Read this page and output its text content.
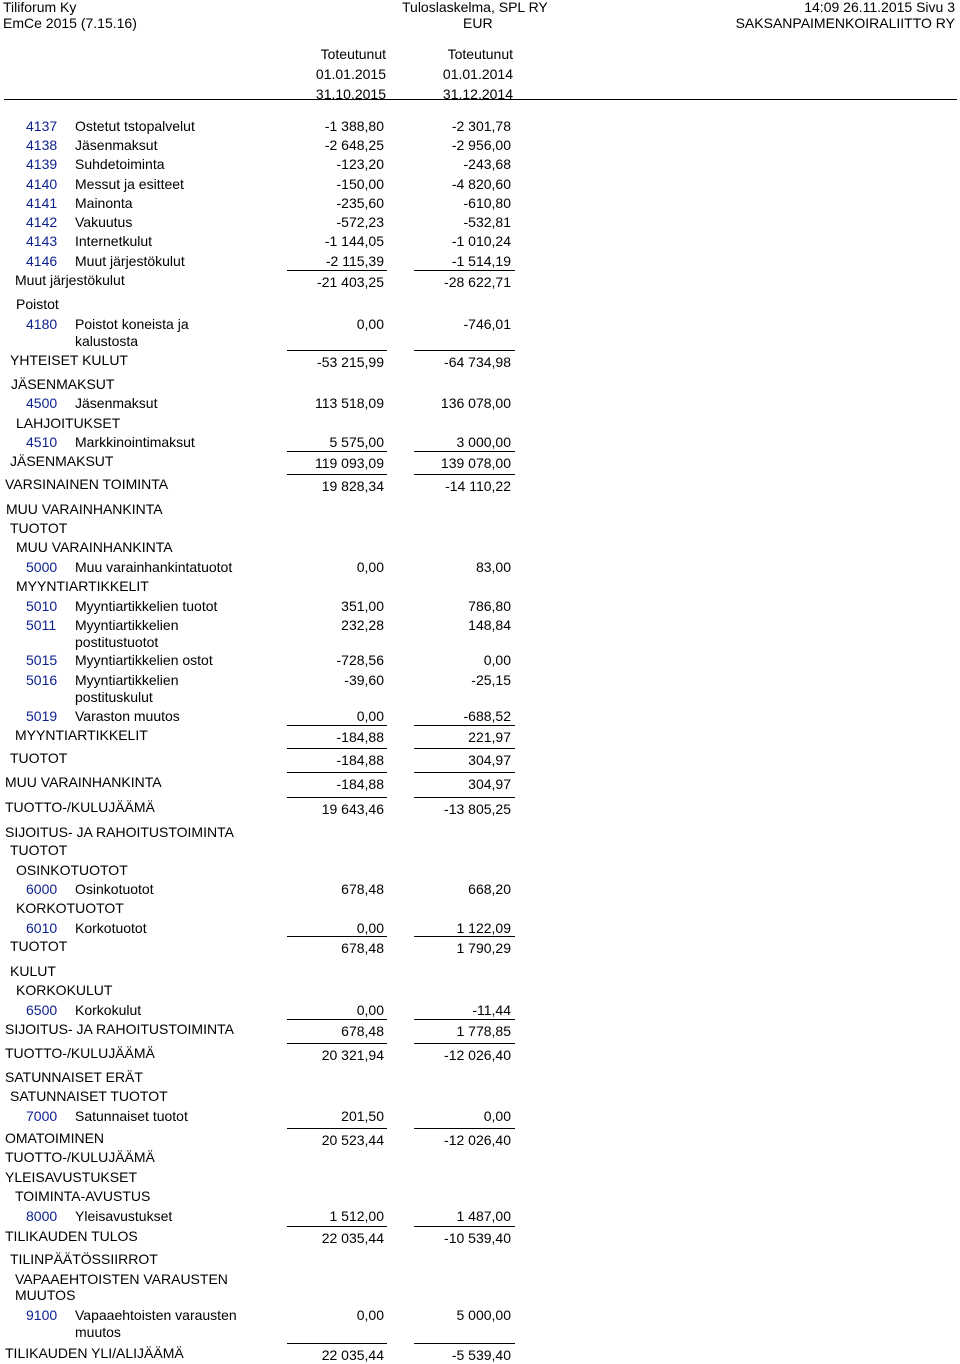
Tiliforum Ky
EmCe 2015 (7.15.16)
Tuloslaskelma, SPL RY
EUR
14:09 26.11.2015 Sivu 3
SAKSANPAIMENKOIRALIITTO RY
Toteutunut
01.01.2015
31.10.2015
Toteutunut
01.01.2014
31.12.2014
4137 Ostetut tstopalvelut	-1 388,80	-2 301,78
4138 Jäsenmaksut	-2 648,25	-2 956,00
4139 Suhdetoiminta	-123,20	-243,68
4140 Messut ja esitteet	-150,00	-4 820,60
4141 Mainonta	-235,60	-610,80
4142 Vakuutus	-572,23	-532,81
4143 Internetkulut	-1 144,05	-1 010,24
4146 Muut järjestökulut	-2 115,39	-1 514,19
Muut järjestökulut	-21 403,25	-28 622,71
Poistot
4180 Poistot koneista ja
kalustosta
0,00	-746,01
YHTEISET KULUT	-53 215,99	-64 734,98
JÄSENMAKSUT
4500 Jäsenmaksut	113 518,09	136 078,00
LAHJOITUKSET
4510 Markkinointimaksut	5 575,00	3 000,00
JÄSENMAKSUT	119 093,09	139 078,00
VARSINAINEN TOIMINTA	19 828,34	-14 110,22
MUU VARAINHANKINTA
TUOTOT
MUU VARAINHANKINTA
5000 Muu varainhankintatuotot	0,00	83,00
MYYNTIARTIKKELIT
5010 Myyntiartikkelien tuotot	351,00	786,80
5011 Myyntiartikkelien
postitustuotot
232,28	148,84
5015 Myyntiartikkelien ostot	-728,56	0,00
5016 Myyntiartikkelien
postituskulut
-39,60	-25,15
5019 Varaston muutos	0,00	-688,52
MYYNTIARTIKKELIT	-184,88	221,97
TUOTOT	-184,88	304,97
MUU VARAINHANKINTA	-184,88	304,97
TUOTTO-/KULUJÄÄMÄ	19 643,46	-13 805,25
SIJOITUS- JA RAHOITUSTOIMINTA
TUOTOT
OSINKOTUOTOT
6000 Osinkotuotot	678,48	668,20
KORKOTUOTOT
6010 Korkotuotot	0,00	1 122,09
TUOTOT	678,48	1 790,29
KULUT
KORKOKULUT
6500 Korkokulut	0,00	-11,44
SIJOITUS- JA RAHOITUSTOIMINTA	678,48	1 778,85
TUOTTO-/KULUJÄÄMÄ	20 321,94	-12 026,40
SATUNNAISET ERÄT
SATUNNAISET TUOTOT
7000 Satunnaiset tuotot	201,50	0,00
OMATOIMINEN	20 523,44	-12 026,40
TUOTTO-/KULUJÄÄMÄ
YLEISAVUSTUKSET
TOIMINTA-AVUSTUS
8000 Yleisavustukset	1 512,00	1 487,00
TILIKAUDEN TULOS	22 035,44	-10 539,40
TILINPÄÄTÖSSIIRROT
VAPAAEHTOISTEN VARAUSTEN
MUUTOS
9100 Vapaaehtoisten varausten
muutos
0,00	5 000,00
TILIKAUDEN YLI/ALIJÄÄMÄ	22 035,44	-5 539,40
